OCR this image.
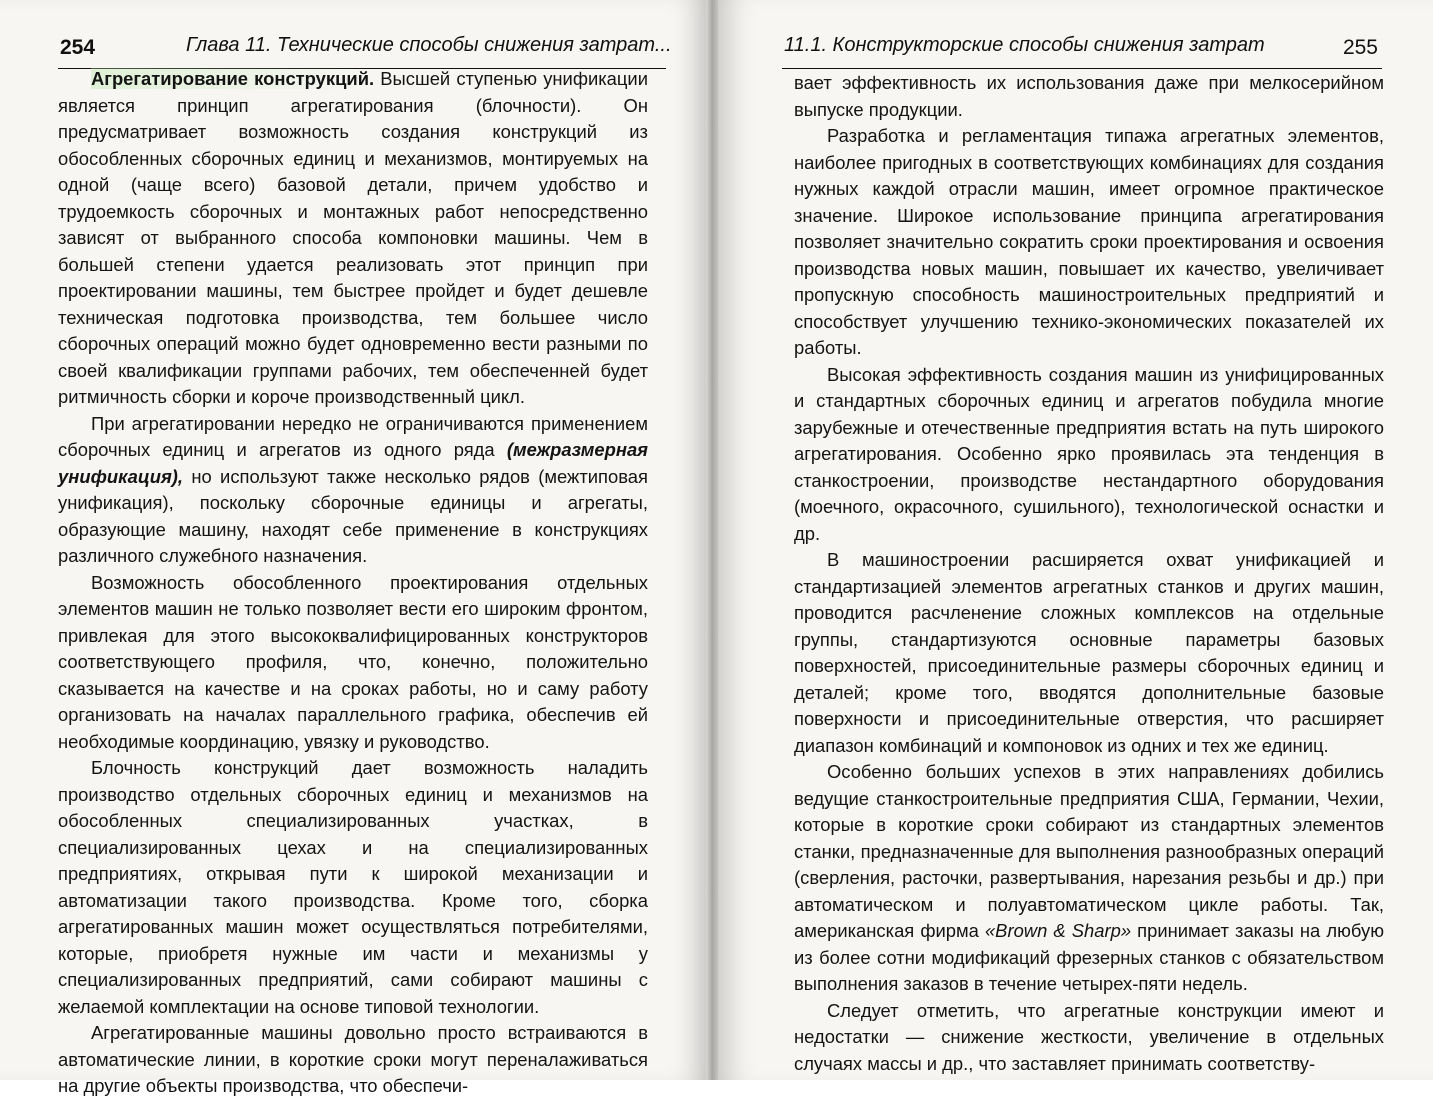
254	Глава 11. Технические способы снижения затрат...

Агрегатирование конструкций. Высшей ступенью унификации является принцип агрегатирования (блочности). Он предусматривает возможность создания конструкций из обособленных сборочных единиц и механизмов, монтируемых на одной (чаще всего) базовой детали, причем удобство и трудоемкость сборочных и монтажных работ непосредственно зависят от выбранного способа компоновки машины. Чем в большей степени удается реализовать этот принцип при проектировании машины, тем быстрее пройдет и будет дешевле техническая подготовка производства, тем большее число сборочных операций можно будет одновременно вести разными по своей квалификации группами рабочих, тем обеспеченней будет ритмичность сборки и короче производственный цикл.

При агрегатировании нередко не ограничиваются применением сборочных единиц и агрегатов из одного ряда (межразмерная унификация), но используют также несколько рядов (межтиповая унификация), поскольку сборочные единицы и агрегаты, образующие машину, находят себе применение в конструкциях различного служебного назначения.

Возможность обособленного проектирования отдельных элементов машин не только позволяет вести его широким фронтом, привлекая для этого высококвалифицированных конструкторов соответствующего профиля, что, конечно, положительно сказывается на качестве и на сроках работы, но и саму работу организовать на началах параллельного графика, обеспечив ей необходимые координацию, увязку и руководство.

Блочность конструкций дает возможность наладить производство отдельных сборочных единиц и механизмов на обособленных специализированных участках, в специализированных цехах и на специализированных предприятиях, открывая пути к широкой механизации и автоматизации такого производства. Кроме того, сборка агрегатированных машин может осуществляться потребителями, которые, приобретя нужные им части и механизмы у специализированных предприятий, сами собирают машины с желаемой комплектации на основе типовой технологии.

Агрегатированные машины довольно просто встраиваются в автоматические линии, в короткие сроки могут переналаживаться на другие объекты производства, что обеспечи-

11.1. Конструкторские способы снижения затрат	255

вает эффективность их использования даже при мелкосерийном выпуске продукции.

Разработка и регламентация типажа агрегатных элементов, наиболее пригодных в соответствующих комбинациях для создания нужных каждой отрасли машин, имеет огромное практическое значение. Широкое использование принципа агрегатирования позволяет значительно сократить сроки проектирования и освоения производства новых машин, повышает их качество, увеличивает пропускную способность машиностроительных предприятий и способствует улучшению технико-экономических показателей их работы.

Высокая эффективность создания машин из унифицированных и стандартных сборочных единиц и агрегатов побудила многие зарубежные и отечественные предприятия встать на путь широкого агрегатирования. Особенно ярко проявилась эта тенденция в станкостроении, производстве нестандартного оборудования (моечного, окрасочного, сушильного), технологической оснастки и др.

В машиностроении расширяется охват унификацией и стандартизацией элементов агрегатных станков и других машин, проводится расчленение сложных комплексов на отдельные группы, стандартизуются основные параметры базовых поверхностей, присоединительные размеры сборочных единиц и деталей; кроме того, вводятся дополнительные базовые поверхности и присоединительные отверстия, что расширяет диапазон комбинаций и компоновок из одних и тех же единиц.

Особенно больших успехов в этих направлениях добились ведущие станкостроительные предприятия США, Германии, Чехии, которые в короткие сроки собирают из стандартных элементов станки, предназначенные для выполнения разнообразных операций (сверления, расточки, развертывания, нарезания резьбы и др.) при автоматическом и полуавтоматическом цикле работы. Так, американская фирма «Brown & Sharp» принимает заказы на любую из более сотни модификаций фрезерных станков с обязательством выполнения заказов в течение четырех-пяти недель.

Следует отметить, что агрегатные конструкции имеют и недостатки — снижение жесткости, увеличение в отдельных случаях массы и др., что заставляет принимать соответству-
